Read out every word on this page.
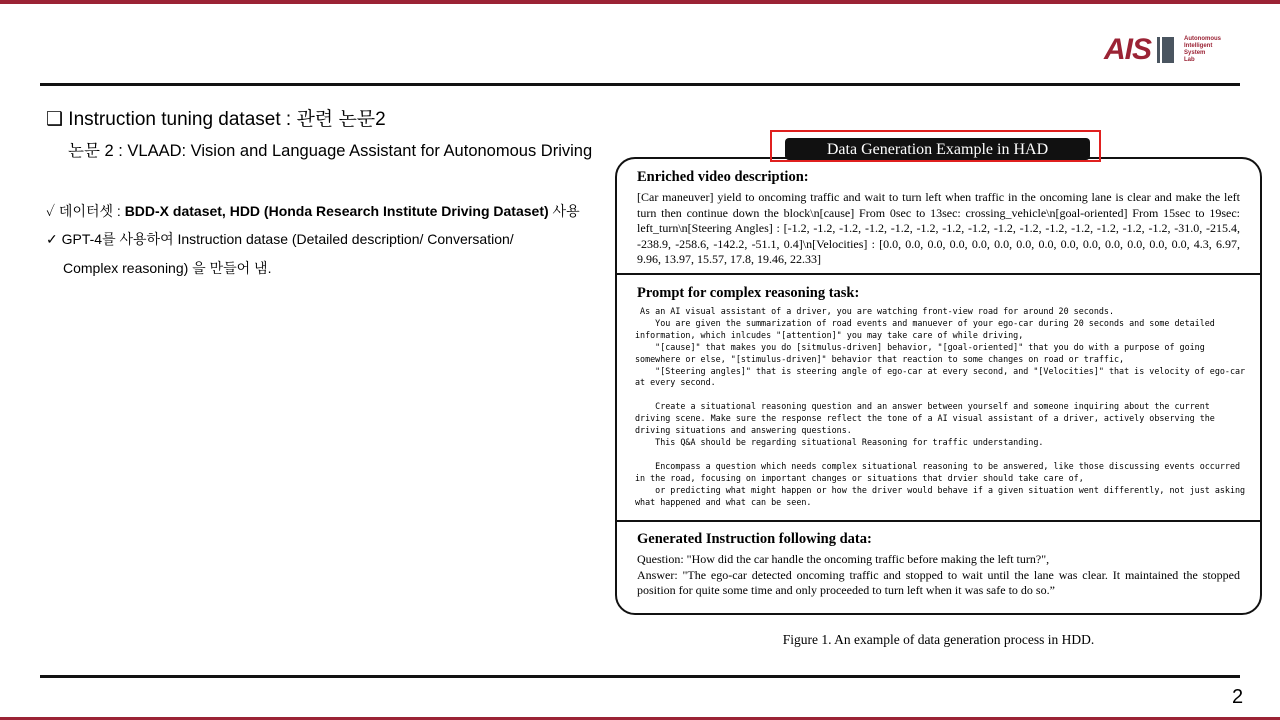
AIS	Autonomous
Intelligent
System
Lab
❑ Instruction tuning dataset : 관련 논문2
논문 2 : VLAAD: Vision and Language Assistant for Autonomous Driving
✓ 데이터셋 : BDD-X dataset, HDD (Honda Research Institute Driving Dataset) 사용
✓ GPT-4를 사용하여 Instruction datase (Detailed description/ Conversation/
Complex reasoning) 을 만들어 냄.
Data Generation Example in HAD
Enriched video description:
[Car maneuver] yield to oncoming traffic and wait to turn left when traffic in the oncoming lane is clear and make the left turn then continue down the block\n[cause] From 0sec to 13sec: crossing_vehicle\n[goal-oriented] From 15sec to 19sec: left_turn\n[Steering Angles] : [-1.2, -1.2, -1.2, -1.2, -1.2, -1.2, -1.2, -1.2, -1.2, -1.2, -1.2, -1.2, -1.2, -1.2, -1.2, -31.0, -215.4, -238.9, -258.6, -142.2, -51.1, 0.4]\n[Velocities] : [0.0, 0.0, 0.0, 0.0, 0.0, 0.0, 0.0, 0.0, 0.0, 0.0, 0.0, 0.0, 0.0, 0.0, 4.3, 6.97, 9.96, 13.97, 15.57, 17.8, 19.46, 22.33]
Prompt for complex reasoning task:
As an AI visual assistant of a driver, you are watching front-view road for around 20 seconds.
You are given the summarization of road events and manuever of your ego-car during 20 seconds and some detailed
information, which inlcudes "[attention]" you may take care of while driving,
"[cause]" that makes you do [sitmulus-driven] behavior, "[goal-oriented]" that you do with a purpose of going
somewhere or else, "[stimulus-driven]" behavior that reaction to some changes on road or traffic,
"[Steering angles]" that is steering angle of ego-car at every second, and "[Velocities]" that is velocity of ego-car
at every second.

Create a situational reasoning question and an answer between yourself and someone inquiring about the current
driving scene. Make sure the response reflect the tone of a AI visual assistant of a driver, actively observing the
driving situations and answering questions.
This Q&A should be regarding situational Reasoning for traffic understanding.

Encompass a question which needs complex situational reasoning to be answered, like those discussing events occurred
in the road, focusing on important changes or situations that drvier should take care of,
or predicting what might happen or how the driver would behave if a given situation went differently, not just asking
what happened and what can be seen.
Generated Instruction following data:
Question: "How did the car handle the oncoming traffic before making the left turn?",
Answer: "The ego-car detected oncoming traffic and stopped to wait until the lane was clear. It maintained the stopped position for quite some time and only proceeded to turn left when it was safe to do so.”
Figure 1. An example of data generation process in HDD.
2
